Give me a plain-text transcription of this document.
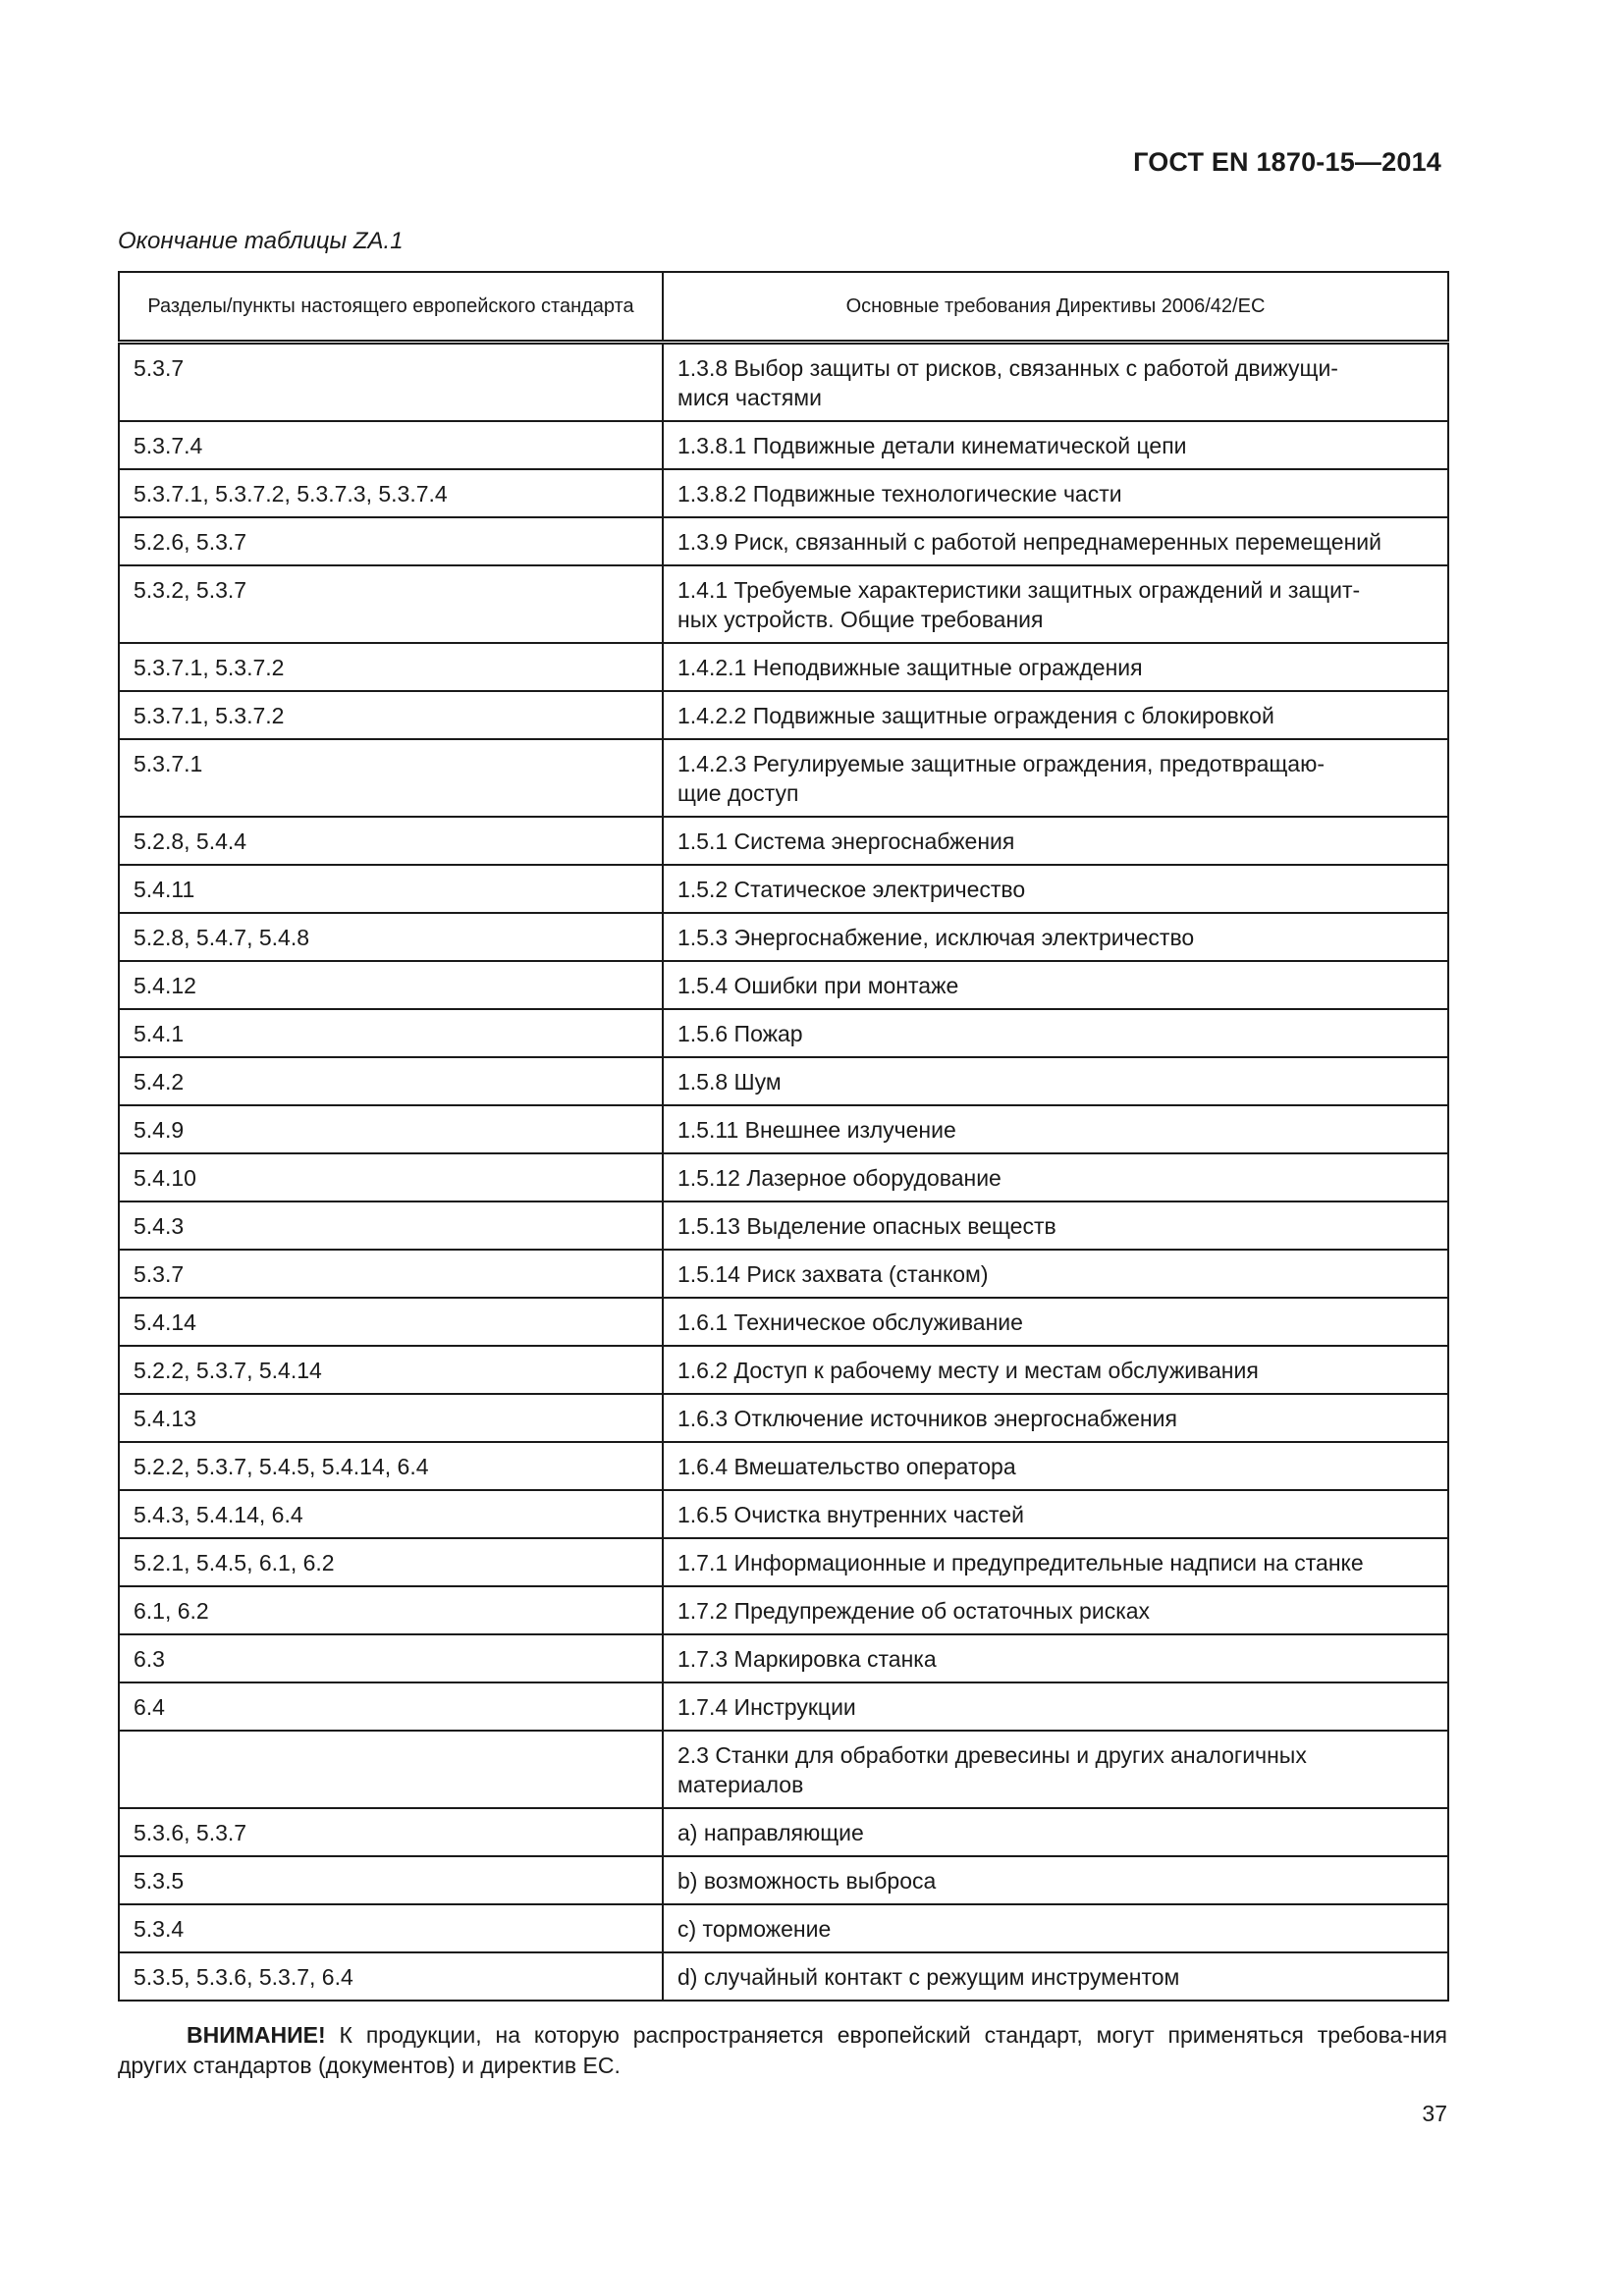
ГОСТ EN 1870-15—2014
Окончание таблицы ZA.1
Разделы/пункты настоящего европейского стандарта	Основные требования Директивы 2006/42/ЕС
5.3.7	1.3.8 Выбор защиты от рисков, связанных с работой движущи-
мися частями
5.3.7.4	1.3.8.1 Подвижные детали кинематической цепи
5.3.7.1, 5.3.7.2, 5.3.7.3, 5.3.7.4	1.3.8.2 Подвижные технологические части
5.2.6, 5.3.7	1.3.9 Риск, связанный с работой непреднамеренных перемещений
5.3.2, 5.3.7	1.4.1 Требуемые характеристики защитных ограждений и защит-
ных устройств. Общие требования
5.3.7.1, 5.3.7.2	1.4.2.1 Неподвижные защитные ограждения
5.3.7.1, 5.3.7.2	1.4.2.2 Подвижные защитные ограждения с блокировкой
5.3.7.1	1.4.2.3 Регулируемые защитные ограждения, предотвращаю-
щие доступ
5.2.8, 5.4.4	1.5.1 Система энергоснабжения
5.4.11	1.5.2 Статическое электричество
5.2.8, 5.4.7, 5.4.8	1.5.3 Энергоснабжение, исключая электричество
5.4.12	1.5.4 Ошибки при монтаже
5.4.1	1.5.6 Пожар
5.4.2	1.5.8 Шум
5.4.9	1.5.11 Внешнее излучение
5.4.10	1.5.12 Лазерное оборудование
5.4.3	1.5.13 Выделение опасных веществ
5.3.7	1.5.14 Риск захвата (станком)
5.4.14	1.6.1 Техническое обслуживание
5.2.2, 5.3.7, 5.4.14	1.6.2 Доступ к рабочему месту и местам обслуживания
5.4.13	1.6.3 Отключение источников энергоснабжения
5.2.2, 5.3.7, 5.4.5, 5.4.14, 6.4	1.6.4 Вмешательство оператора
5.4.3, 5.4.14, 6.4	1.6.5 Очистка внутренних частей
5.2.1, 5.4.5, 6.1, 6.2	1.7.1 Информационные и предупредительные надписи на станке
6.1, 6.2	1.7.2 Предупреждение об остаточных рисках
6.3	1.7.3 Маркировка станка
6.4	1.7.4 Инструкции
	2.3 Станки для обработки древесины и других аналогичных
материалов
5.3.6, 5.3.7	a) направляющие
5.3.5	b) возможность выброса
5.3.4	c) торможение
5.3.5, 5.3.6, 5.3.7, 6.4	d) случайный контакт с режущим инструментом
ВНИМАНИЕ! К продукции, на которую распространяется европейский стандарт, могут применяться требова-ния других стандартов (документов) и директив ЕС.
37
